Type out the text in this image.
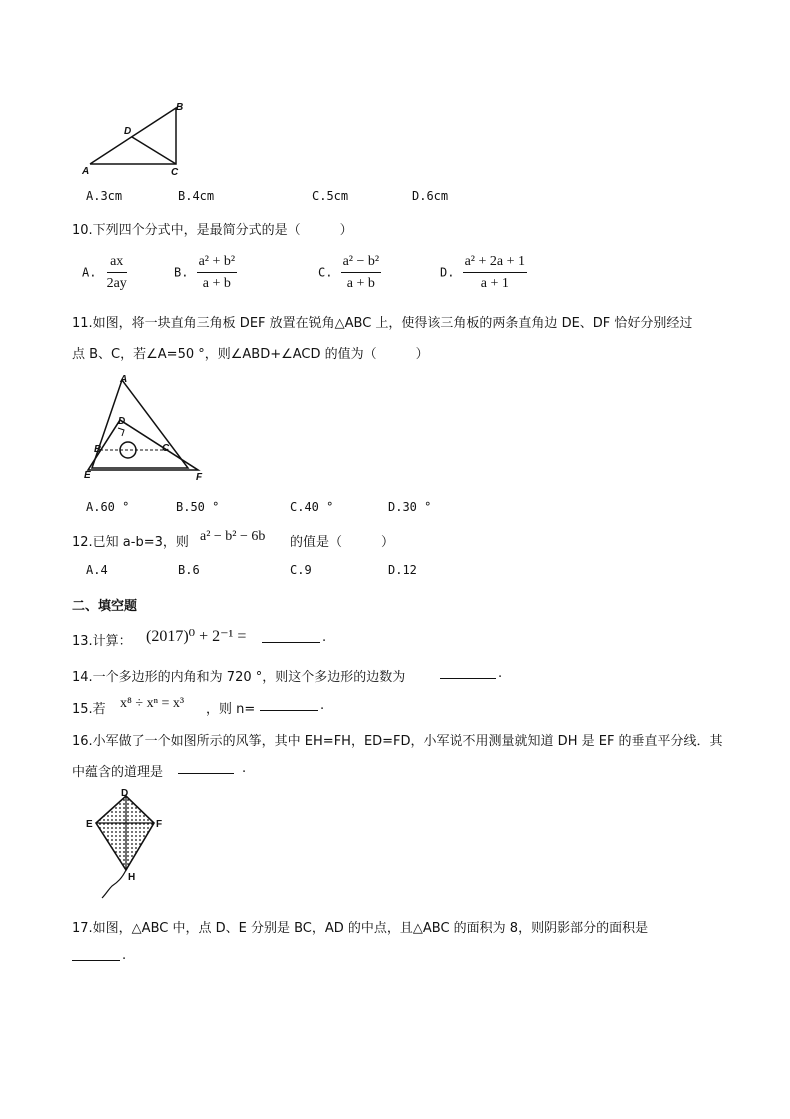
A
B
C
D
A.3cm	B.4cm	C.5cm	D.6cm
10.下列四个分式中，是最简分式的是（　　　）
A. $\frac{ax}{2ay}$	B. $\frac{\text{a² + b²}}{a + b}$	C. $\frac{\text{a² − b²}}{a + b}$	D. $\frac{\text{a² + 2a + 1}}{a + 1}$
11.如图，将一块直角三角板 DEF 放置在锐角△ABC 上，使得该三角板的两条直角边 DE、DF 恰好分别经过
点 B、C，若∠A=50 °，则∠ABD+∠ACD 的值为（　　　）
A
B	C
D
E	F
A.60 °	B.50 °	C.40 °	D.30 °
12.已知 a-b=3，则 a² − b² − 6b 的值是（　　　）
A.4	B.6	C.9	D.12
二、填空题
13.计算： (2017)⁰ + 2⁻¹ =	.
14.一个多边形的内角和为 720 °，则这个多边形的边数为	.
15.若 x⁸ ÷ xⁿ = x³ ，则 n=	.
16.小军做了一个如图所示的风筝，其中 EH=FH，ED=FD，小军说不用测量就知道 DH 是 EF 的垂直平分线．其
中蕴含的道理是	.
D
E	F
H
17.如图，△ABC 中，点 D、E 分别是 BC，AD 的中点，且△ABC 的面积为 8，则阴影部分的面积是
.
